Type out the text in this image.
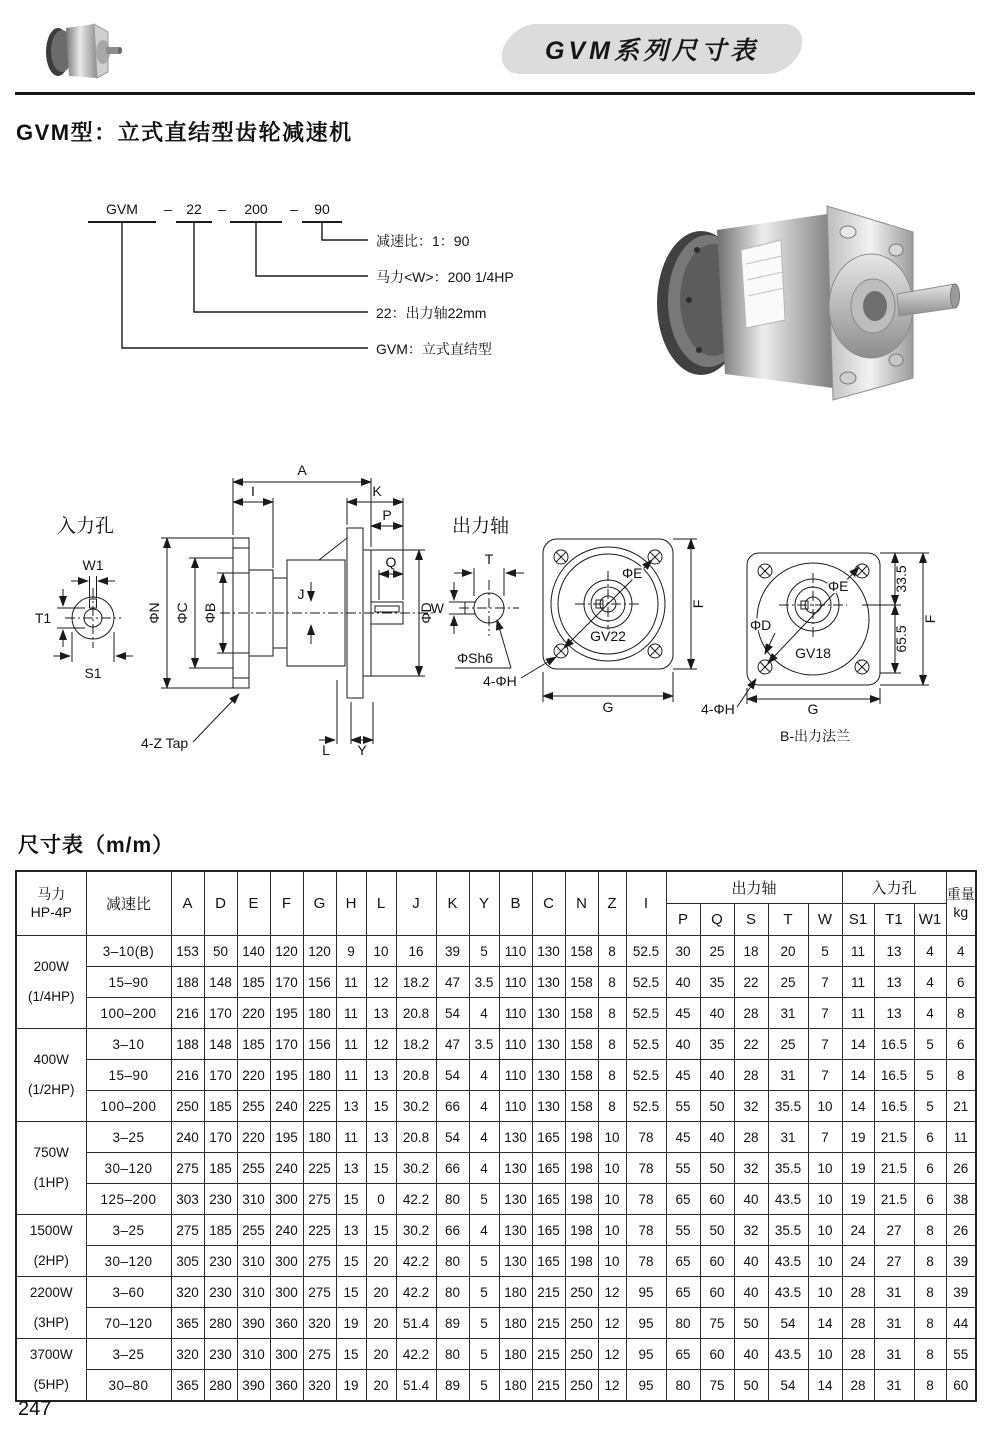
GVM系列尺寸表
GVM型：立式直结型齿轮减速机
GVM – 22 – 200 – 90
减速比：1：90
马力<W>：200 1/4HP
22：出力轴22mm
GVM：立式直结型
入力孔
W1
T1
S1
A
I	K
P
Q
J
ΦN ΦC ΦB	ΦD
L Y
4-Z Tap
出力轴
T
W
ΦSh6
ΦE
GV22
F
G
4-ΦH
ΦE
ΦD
GV18
33.5
65.5
F
G
4-ΦH
B-出力法兰
尺寸表（m/m）
马力
HP-4P	减速比	A	D	E	F	G	H	L	J	K	Y	B	C	N	Z	I	出力轴					入力孔			重量
kg
																	P	Q	S	T	W	S1	T1	W1	
200W
(1/4HP)	3–10(B)	153	50	140	120	120	9	10	16	39	5	110	130	158	8	52.5	30	25	18	20	5	11	13	4	4
	15–90	188	148	185	170	156	11	12	18.2	47	3.5	110	130	158	8	52.5	40	35	22	25	7	11	13	4	6
	100–200	216	170	220	195	180	11	13	20.8	54	4	110	130	158	8	52.5	45	40	28	31	7	11	13	4	8
400W
(1/2HP)	3–10	188	148	185	170	156	11	12	18.2	47	3.5	110	130	158	8	52.5	40	35	22	25	7	14	16.5	5	6
	15–90	216	170	220	195	180	11	13	20.8	54	4	110	130	158	8	52.5	45	40	28	31	7	14	16.5	5	8
	100–200	250	185	255	240	225	13	15	30.2	66	4	110	130	158	8	52.5	55	50	32	35.5	10	14	16.5	5	21
750W
(1HP)	3–25	240	170	220	195	180	11	13	20.8	54	4	130	165	198	10	78	45	40	28	31	7	19	21.5	6	11
	30–120	275	185	255	240	225	13	15	30.2	66	4	130	165	198	10	78	55	50	32	35.5	10	19	21.5	6	26
	125–200	303	230	310	300	275	15	0	42.2	80	5	130	165	198	10	78	65	60	40	43.5	10	19	21.5	6	38
1500W
(2HP)	3–25	275	185	255	240	225	13	15	30.2	66	4	130	165	198	10	78	55	50	32	35.5	10	24	27	8	26
	30–120	305	230	310	300	275	15	20	42.2	80	5	130	165	198	10	78	65	60	40	43.5	10	24	27	8	39
2200W
(3HP)	3–60	320	230	310	300	275	15	20	42.2	80	5	180	215	250	12	95	65	60	40	43.5	10	28	31	8	39
	70–120	365	280	390	360	320	19	20	51.4	89	5	180	215	250	12	95	80	75	50	54	14	28	31	8	44
3700W
(5HP)	3–25	320	230	310	300	275	15	20	42.2	80	5	180	215	250	12	95	65	60	40	43.5	10	28	31	8	55
	30–80	365	280	390	360	320	19	20	51.4	89	5	180	215	250	12	95	80	75	50	54	14	28	31	8	60
247
